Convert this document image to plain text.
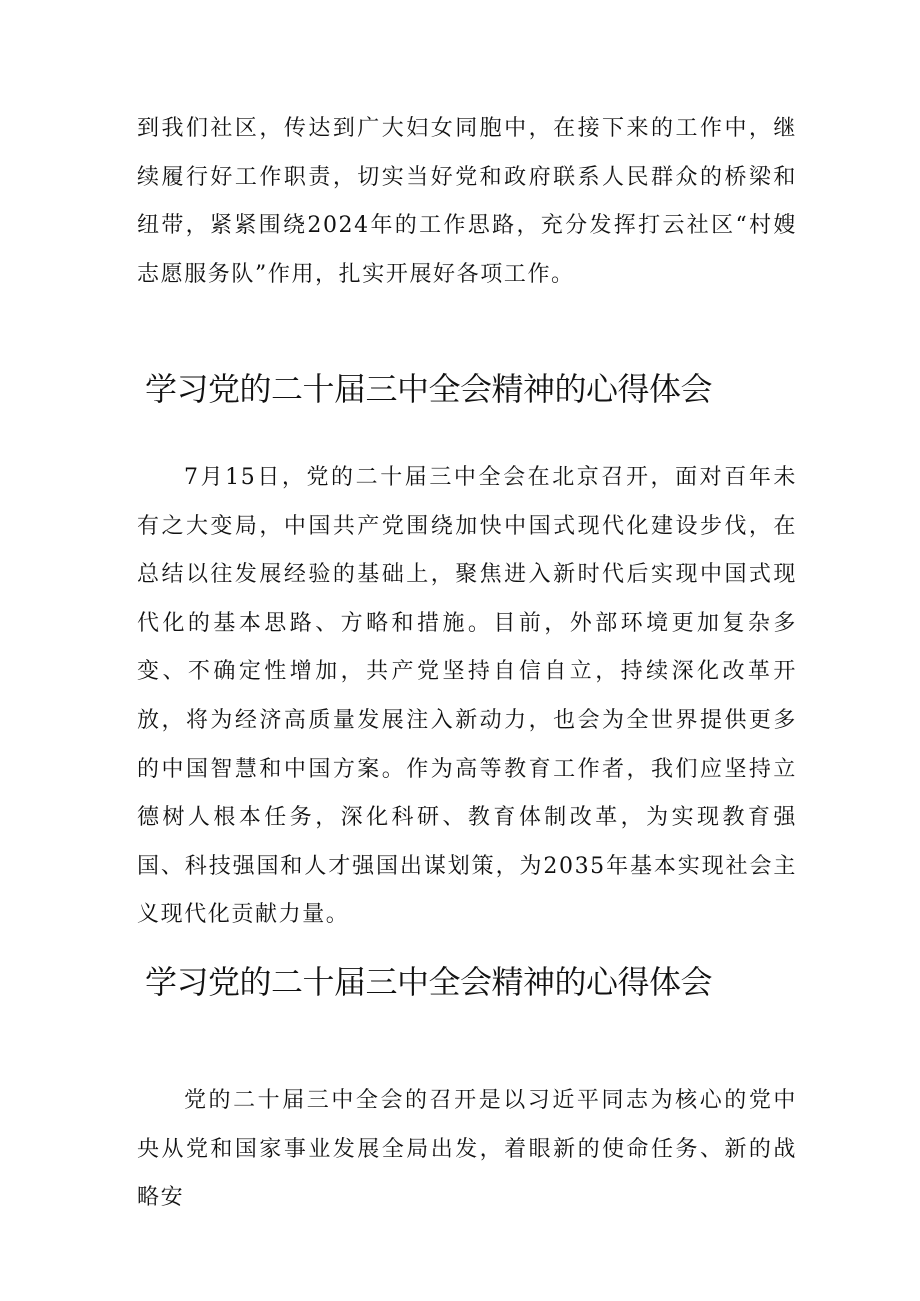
到我们社区，传达到广大妇女同胞中，在接下来的工作中，继续履行好工作职责，切实当好党和政府联系人民群众的桥梁和纽带，紧紧围绕2024年的工作思路，充分发挥打云社区“村嫂志愿服务队”作用，扎实开展好各项工作。

学习党的二十届三中全会精神的心得体会

7月15日，党的二十届三中全会在北京召开，面对百年未有之大变局，中国共产党围绕加快中国式现代化建设步伐，在总结以往发展经验的基础上，聚焦进入新时代后实现中国式现代化的基本思路、方略和措施。目前，外部环境更加复杂多变、不确定性增加，共产党坚持自信自立，持续深化改革开放，将为经济高质量发展注入新动力，也会为全世界提供更多的中国智慧和中国方案。作为高等教育工作者，我们应坚持立德树人根本任务，深化科研、教育体制改革，为实现教育强国、科技强国和人才强国出谋划策，为2035年基本实现社会主义现代化贡献力量。

学习党的二十届三中全会精神的心得体会

党的二十届三中全会的召开是以习近平同志为核心的党中央从党和国家事业发展全局出发，着眼新的使命任务、新的战略安
